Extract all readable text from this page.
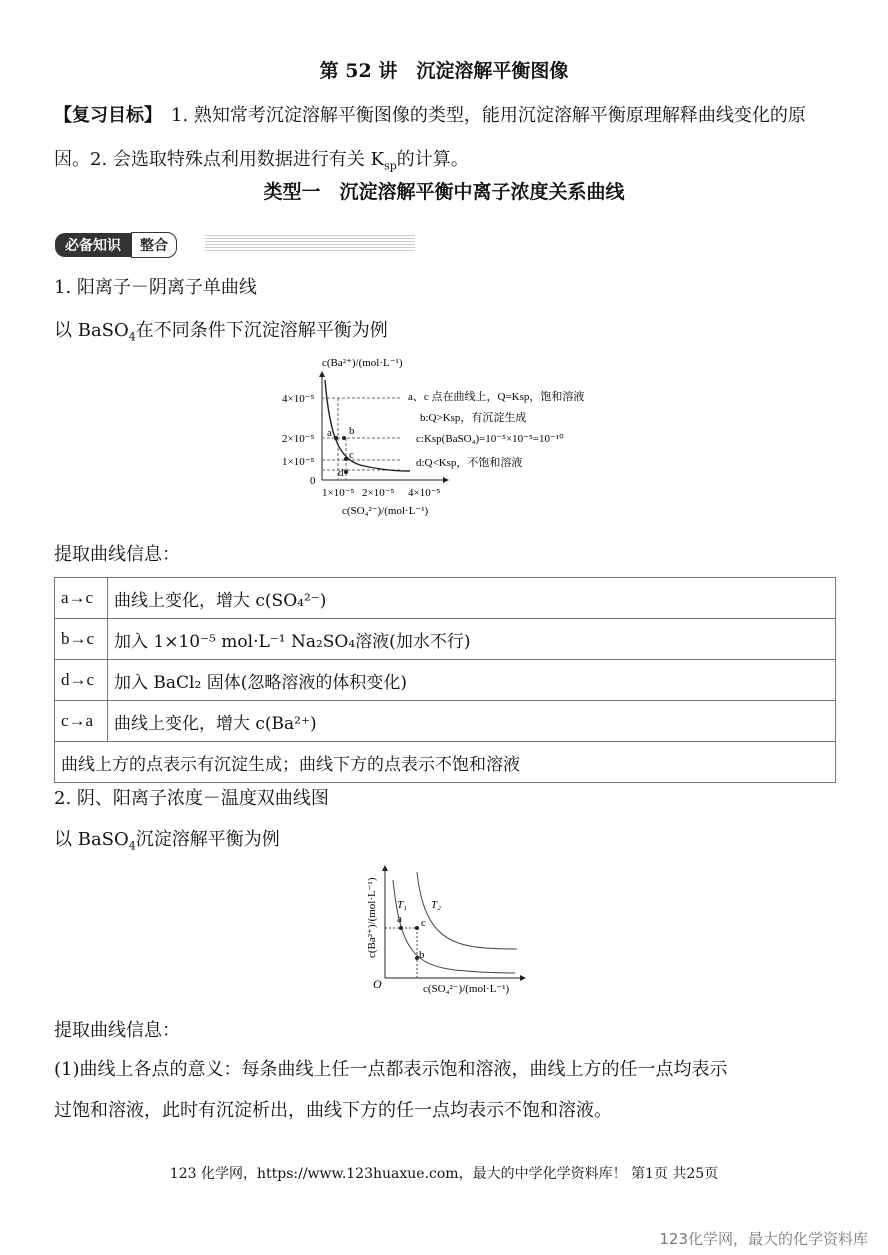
第 52 讲　沉淀溶解平衡图像
【复习目标】　1. 熟知常考沉淀溶解平衡图像的类型，能用沉淀溶解平衡原理解释曲线变化的原因。2. 会选取特殊点利用数据进行有关 $K_{sp}$的计算。
类型一　沉淀溶解平衡中离子浓度关系曲线
必备知识 整合
1. 阳离子－阴离子单曲线
以 BaSO$_4$在不同条件下沉淀溶解平衡为例
c(Ba²⁺)/(mol·L⁻¹)
4×10⁻⁵
2×10⁻⁵
1×10⁻⁵
0
1×10⁻⁵ 2×10⁻⁵ 4×10⁻⁵
c(SO₄²⁻)/(mol·L⁻¹)
a b
c
d
a、c 点在曲线上，Q=Ksp，饱和溶液
b:Q>Ksp，有沉淀生成
c:Ksp(BaSO₄)=10⁻⁵×10⁻⁵=10⁻¹⁰
d:Q<Ksp，不饱和溶液
提取曲线信息：
a→c	曲线上变化，增大 c(SO₄²⁻)
b→c	加入 1×10⁻⁵ mol·L⁻¹ Na₂SO₄溶液(加水不行)
d→c	加入 BaCl₂ 固体(忽略溶液的体积变化)
c→a	曲线上变化，增大 c(Ba²⁺)
曲线上方的点表示有沉淀生成；曲线下方的点表示不饱和溶液	
2. 阴、阳离子浓度－温度双曲线图
以 BaSO$_4$沉淀溶解平衡为例
c(Ba²⁺)/(mol·L⁻¹)
O	c(SO₄²⁻)/(mol·L⁻¹)
T₁ T₂
a c
b
提取曲线信息：
(1)曲线上各点的意义：每条曲线上任一点都表示饱和溶液，曲线上方的任一点均表示
过饱和溶液，此时有沉淀析出，曲线下方的任一点均表示不饱和溶液。
123 化学网，https://www.123huaxue.com，最大的中学化学资料库！ 第1页 共25页
123化学网，最大的化学资料库
